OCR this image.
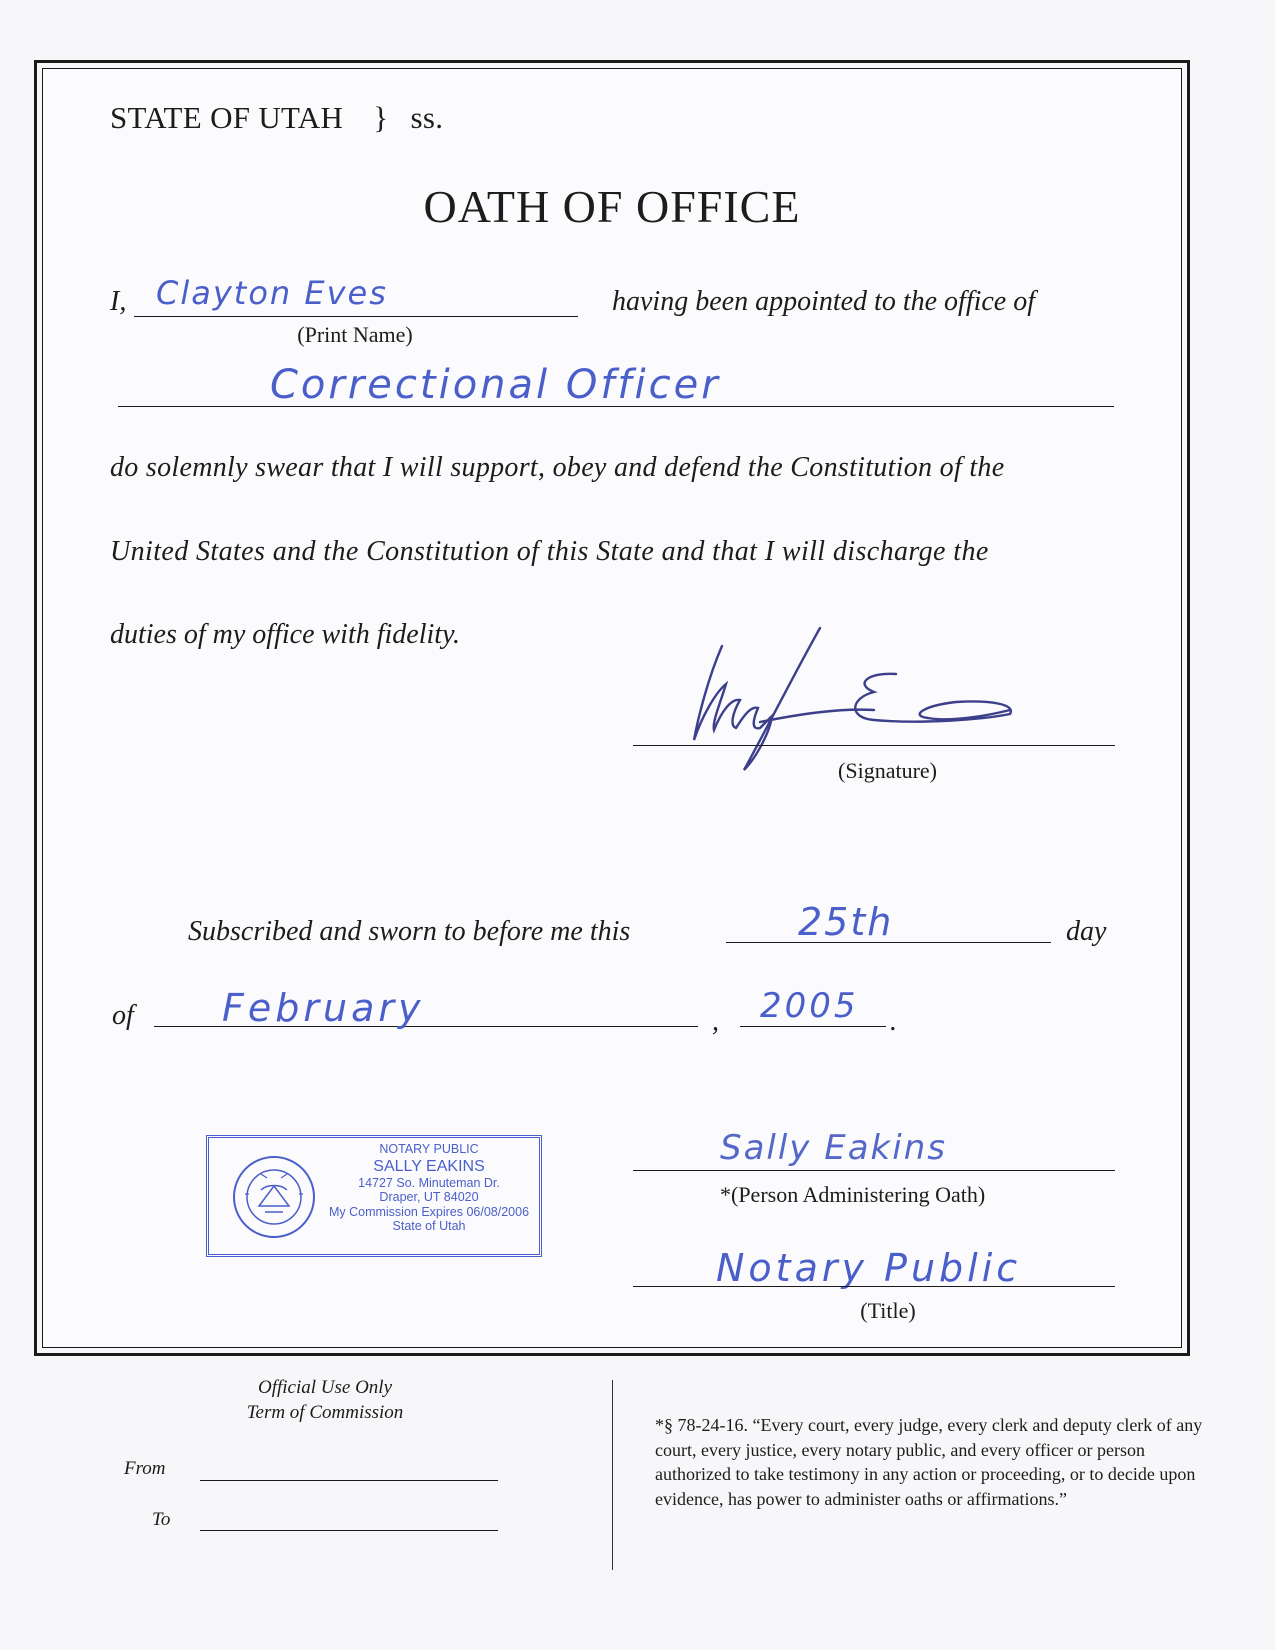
STATE OF UTAH } ss.
OATH OF OFFICE
I, Clayton Eves
(Print Name)
having been appointed to the office of
Correctional Officer
do solemnly swear that I will support, obey and defend the Constitution of the
United States and the Constitution of this State and that I will discharge the
duties of my office with fidelity.
(Signature)
Subscribed and sworn to before me this	25th	day
of February	, 2005 .
NOTARY PUBLIC
SALLY EAKINS
14727 So. Minuteman Dr.
Draper, UT 84020
My Commission Expires 06/08/2006
State of Utah
Sally Eakins
*(Person Administering Oath)
Notary Public
(Title)
Official Use Only
Term of Commission
From
To
*§ 78-24-16. “Every court, every judge, every clerk and deputy clerk of any court, every justice, every notary public, and every officer or person authorized to take testimony in any action or proceeding, or to decide upon evidence, has power to administer oaths or affirmations.”
